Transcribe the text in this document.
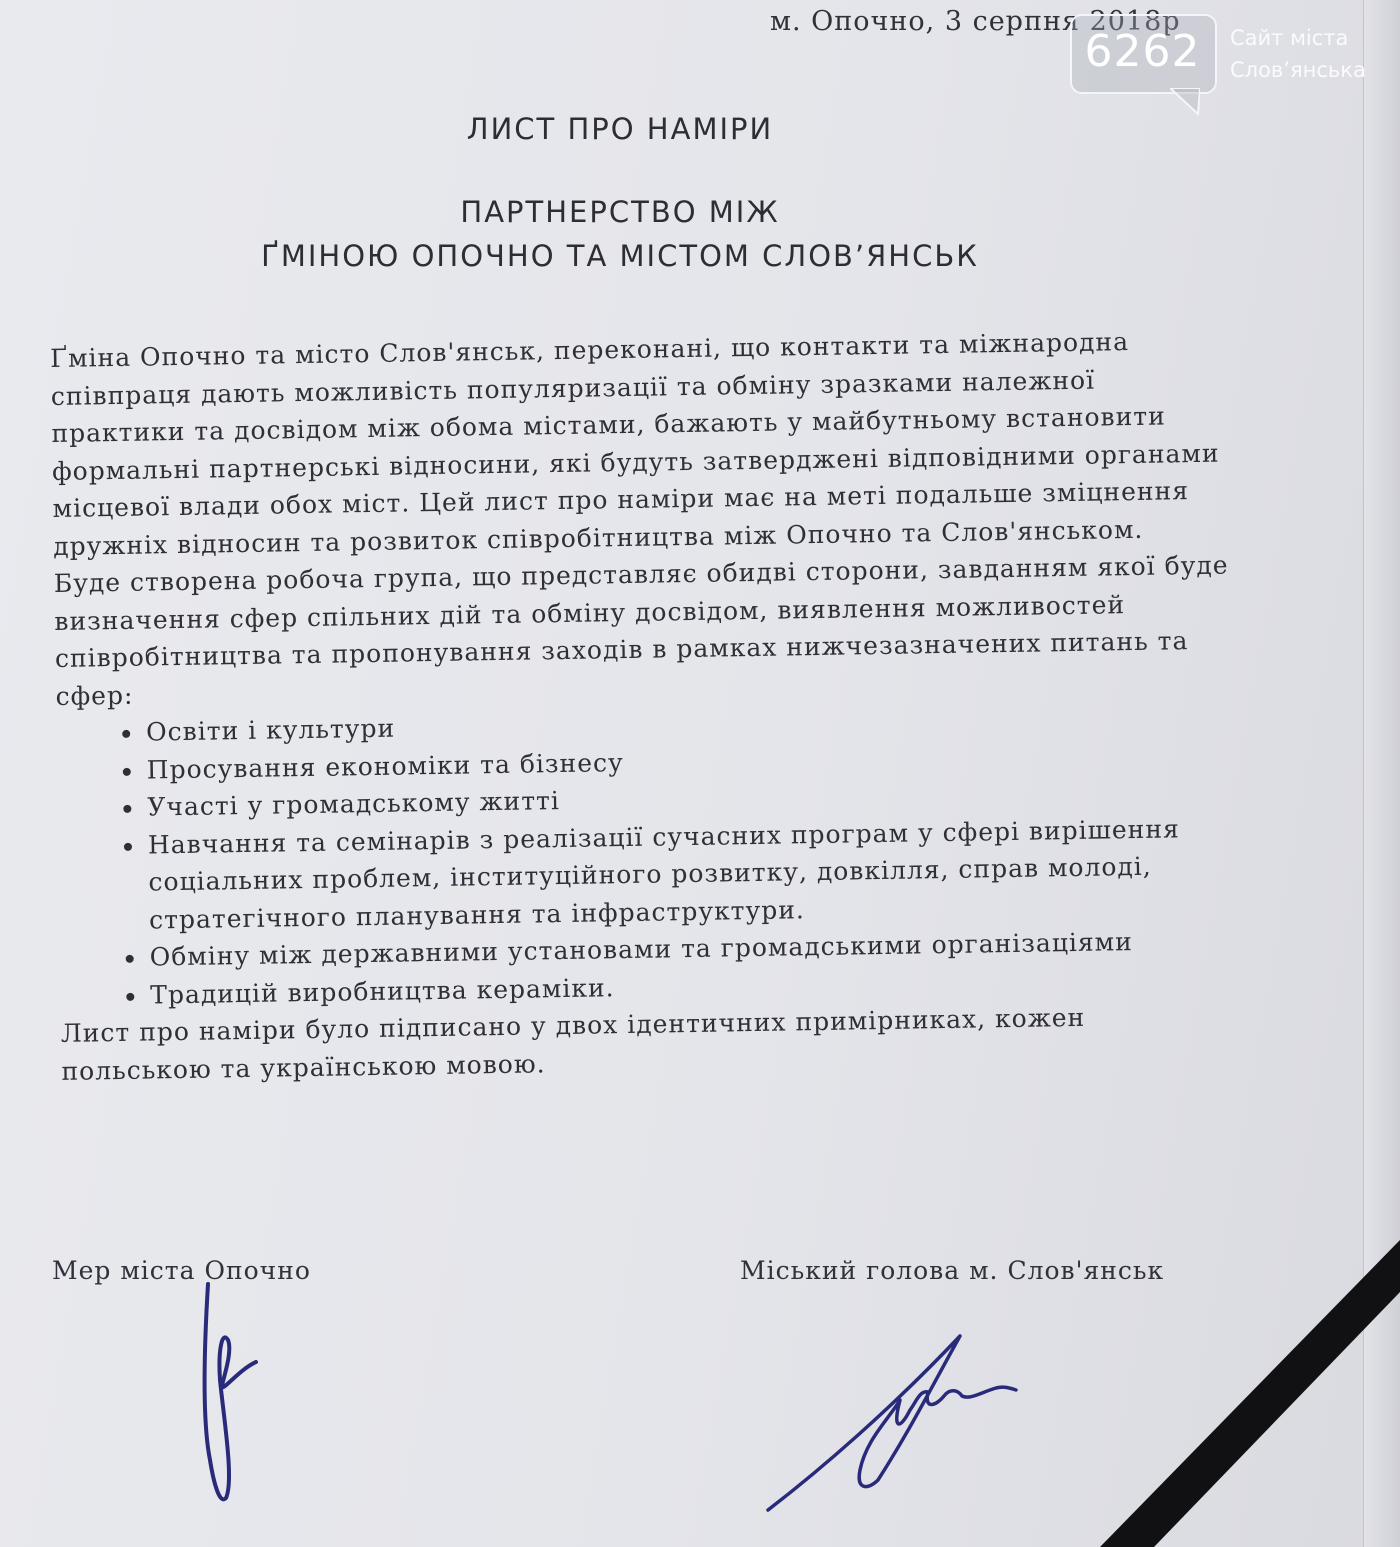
м. Опочно, 3 серпня 2018р
ЛИСТ ПРО НАМІРИ
ПАРТНЕРСТВО МІЖ
ҐМІНОЮ ОПОЧНО ТА МІСТОМ СЛОВ’ЯНСЬК

Ґміна Опочно та місто Слов'янськ, переконані, що контакти та міжнародна співпраця дають можливість популяризації та обміну зразками належної практики та досвідом між обома містами, бажають у майбутньому встановити формальні партнерські відносини, які будуть затверджені відповідними органами місцевої влади обох міст. Цей лист про наміри має на меті подальше зміцнення дружніх відносин та розвиток співробітництва між Опочно та Слов'янськом.

Буде створена робоча група, що представляє обидві сторони, завданням якої буде визначення сфер спільних дій та обміну досвідом, виявлення можливостей співробітництва та пропонування заходів в рамках нижчезазначених питань та сфер:

• Освіти і культури
• Просування економіки та бізнесу
• Участі у громадському житті
• Навчання та семінарів з реалізації сучасних програм у сфері вирішення соціальних проблем, інституційного розвитку, довкілля, справ молоді, стратегічного планування та інфраструктури.
• Обміну між державними установами та громадськими організаціями
• Традицій виробництва кераміки.

Лист про наміри було підписано у двох ідентичних примірниках, кожен польською та українською мовою.

Мер міста Опочно	Міський голова м. Слов'янськ
6262	Сайт міста
Слов’янська
